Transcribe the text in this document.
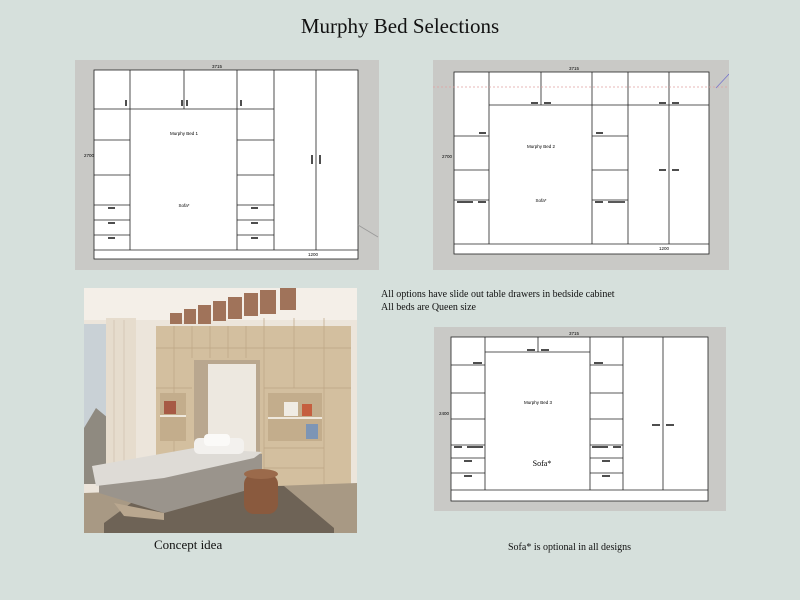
Murphy Bed Selections
3715
2700
Murphy Bed 1
Sofa*
1200
3715
2700
Murphy Bed 2
Sofa*
1200
All options have slide out table drawers in bedside cabinet
All beds are Queen size
3715
2400
Murphy Bed 3
Sofa*
Concept idea	Sofa* is optional in all designs
